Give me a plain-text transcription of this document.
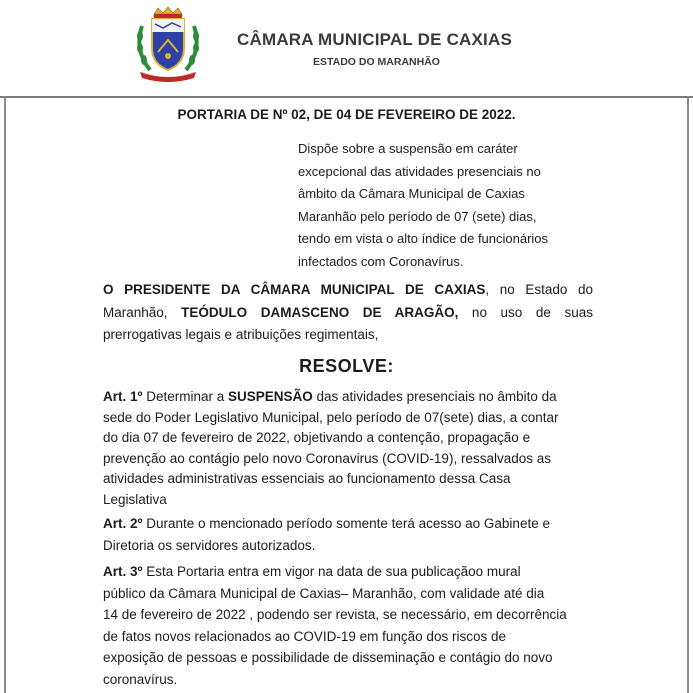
CÂMARA MUNICIPAL DE CAXIAS
ESTADO DO MARANHÃO
PORTARIA DE Nº 02, DE 04 DE FEVEREIRO DE 2022.
Dispõe sobre a suspensão em caráter
excepcional das atividades presenciais no
âmbito da Câmara Municipal de Caxias
Maranhão pelo período de 07 (sete) dias,
tendo em vista o alto índice de funcionários
infectados com Coronavírus.
O PRESIDENTE DA CÂMARA MUNICIPAL DE CAXIAS, no Estado do Maranhão, TEÓDULO DAMASCENO DE ARAGÃO, no uso de suas prerrogativas legais e atribuições regimentais,
RESOLVE:
Art. 1º Determinar a SUSPENSÃO das atividades presenciais no âmbito da
sede do Poder Legislativo Municipal, pelo período de 07(sete) dias, a contar
do dia 07 de fevereiro de 2022, objetivando a contenção, propagação e
prevenção ao contágio pelo novo Coronavirus (COVID-19), ressalvados as
atividades administrativas essenciais ao funcionamento dessa Casa
Legislativa
Art. 2º Durante o mencionado período somente terá acesso ao Gabinete e
Diretoria os servidores autorizados.
Art. 3º Esta Portaria entra em vigor na data de sua publicaçãoo mural
público da Câmara Municipal de Caxias– Maranhão, com validade até dia
14 de fevereiro de 2022 , podendo ser revista, se necessário, em decorrência
de fatos novos relacionados ao COVID-19 em função dos riscos de
exposição de pessoas e possibilidade de disseminação e contágio do novo
coronavírus.
